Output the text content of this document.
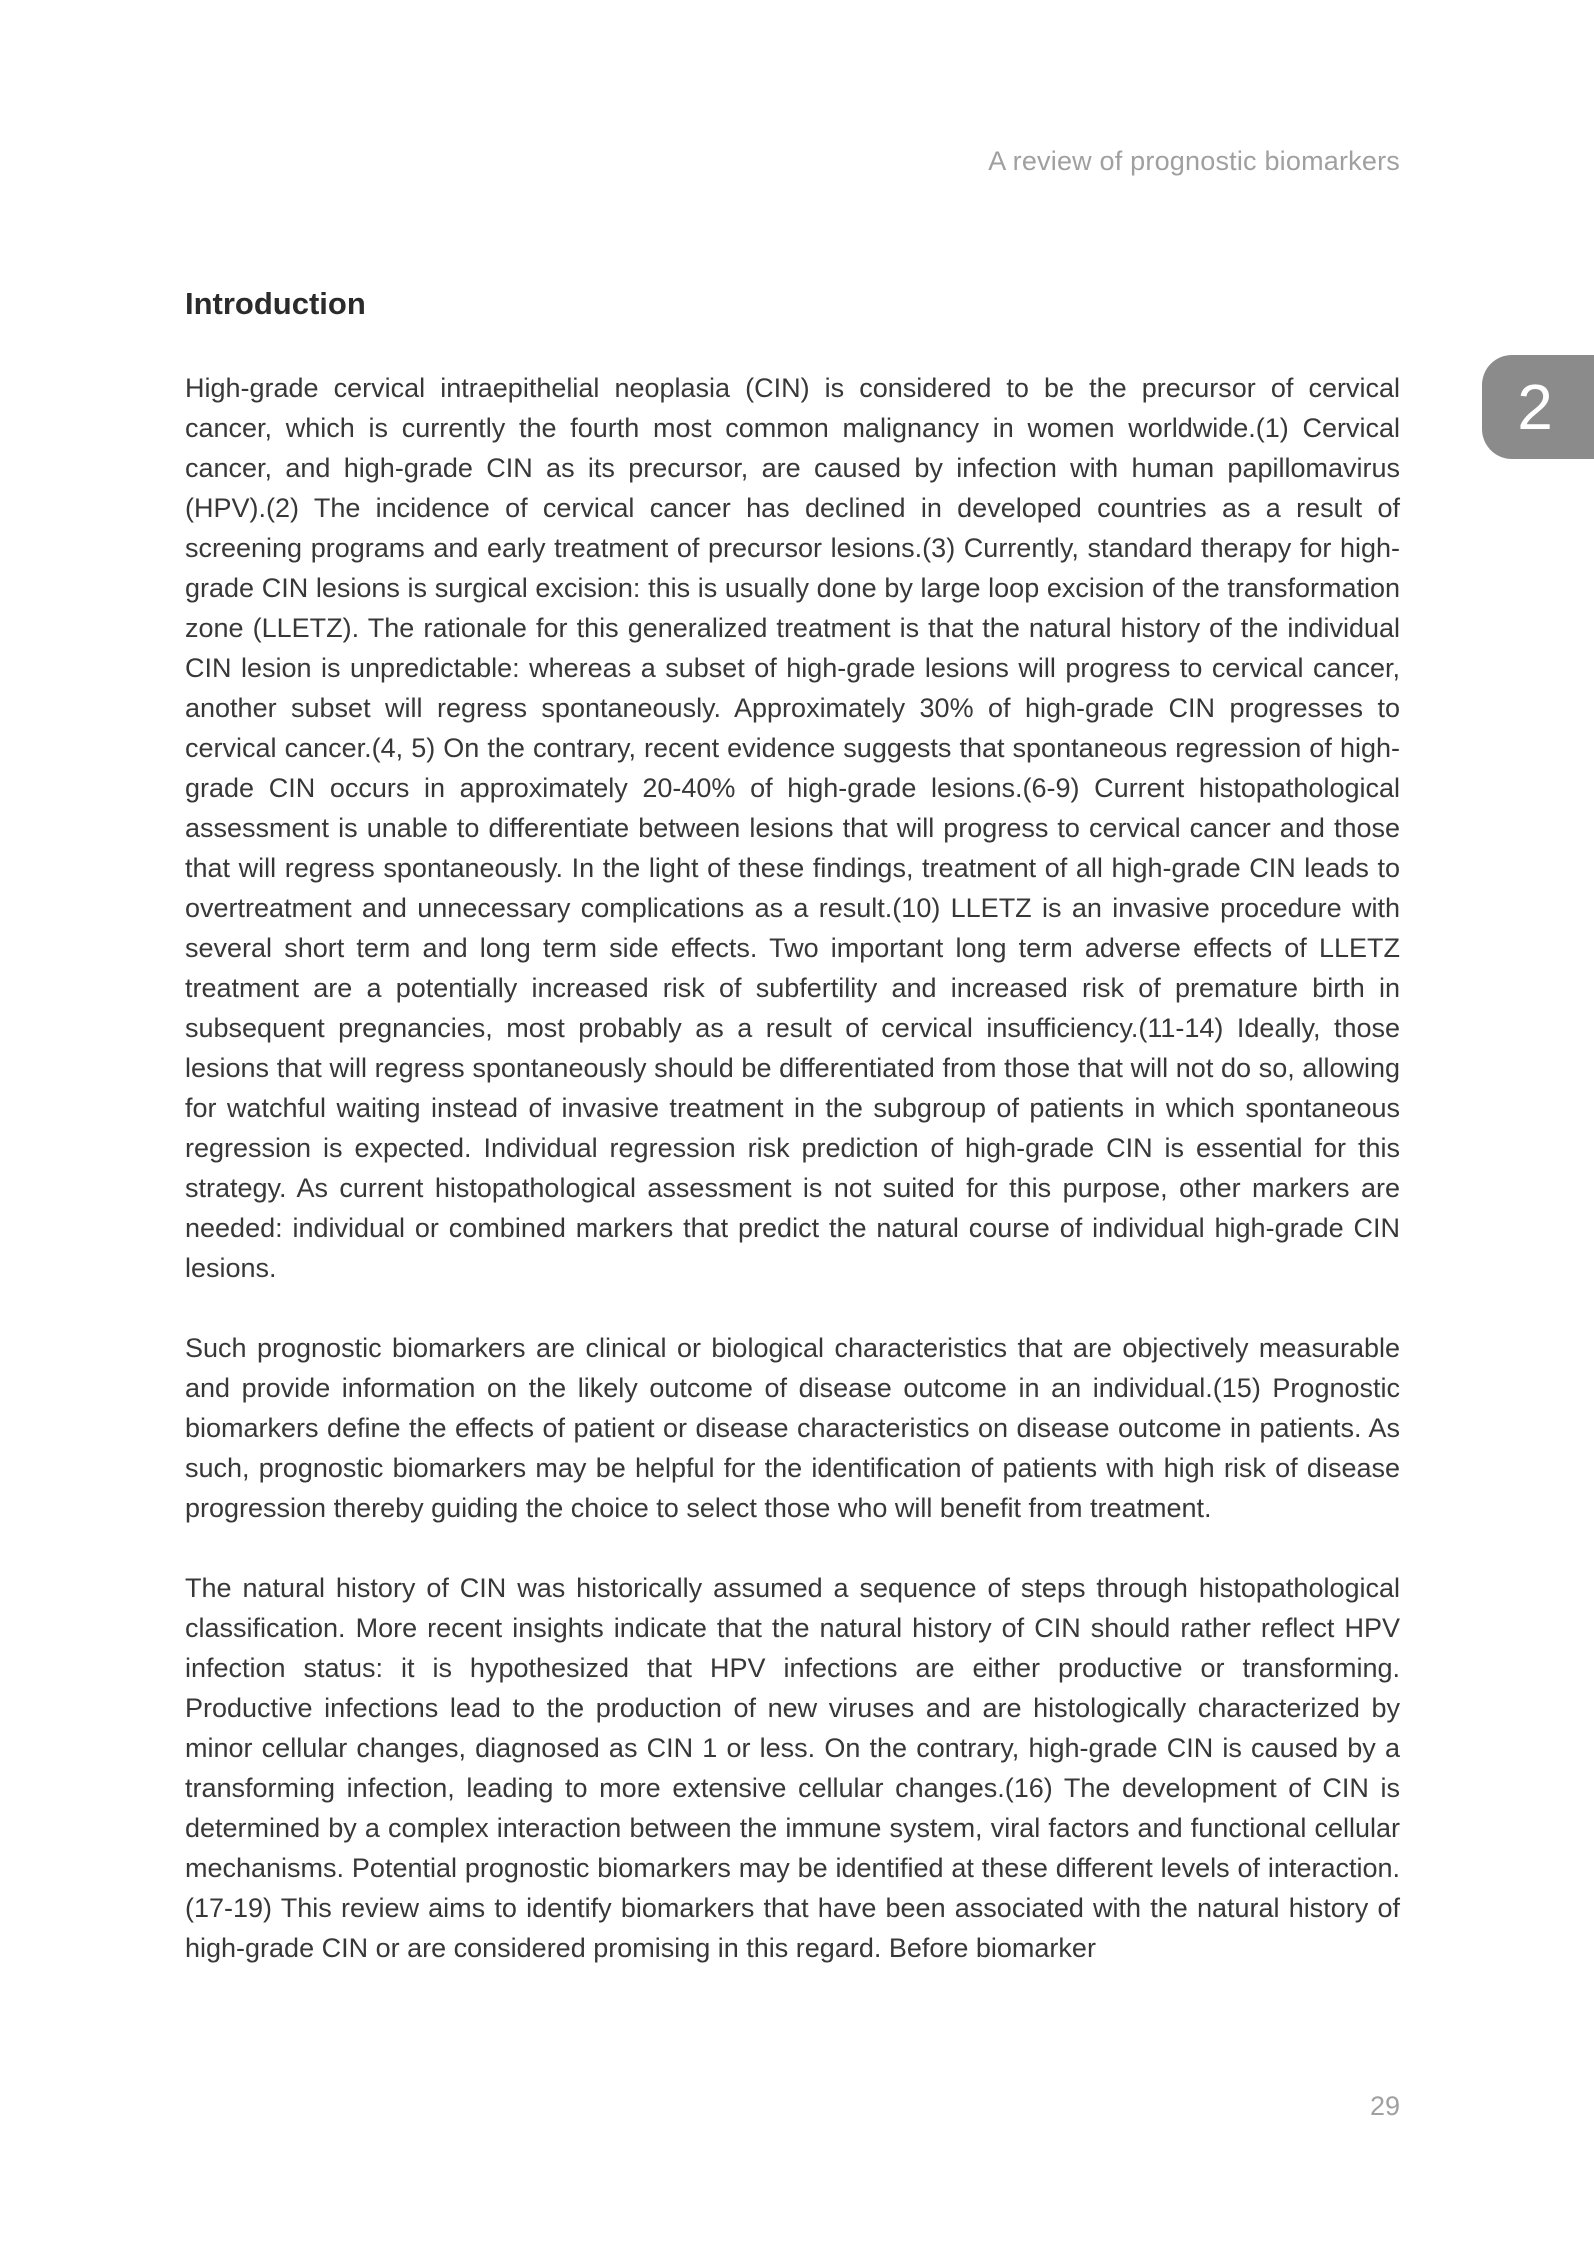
A review of prognostic biomarkers
2
Introduction

High-grade cervical intraepithelial neoplasia (CIN) is considered to be the precursor of cervical cancer, which is currently the fourth most common malignancy in women worldwide.(1) Cervical cancer, and high-grade CIN as its precursor, are caused by infection with human papillomavirus (HPV).(2) The incidence of cervical cancer has declined in developed countries as a result of screening programs and early treatment of precursor lesions.(3) Currently, standard therapy for high-grade CIN lesions is surgical excision: this is usually done by large loop excision of the transformation zone (LLETZ). The rationale for this generalized treatment is that the natural history of the individual CIN lesion is unpredictable: whereas a subset of high-grade lesions will progress to cervical cancer, another subset will regress spontaneously. Approximately 30% of high-grade CIN progresses to cervical cancer.(4, 5) On the contrary, recent evidence suggests that spontaneous regression of high-grade CIN occurs in approximately 20-40% of high-grade lesions.(6-9) Current histopathological assessment is unable to differentiate between lesions that will progress to cervical cancer and those that will regress spontaneously. In the light of these findings, treatment of all high-grade CIN leads to overtreatment and unnecessary complications as a result.(10) LLETZ is an invasive procedure with several short term and long term side effects. Two important long term adverse effects of LLETZ treatment are a potentially increased risk of subfertility and increased risk of premature birth in subsequent pregnancies, most probably as a result of cervical insufficiency.(11-14) Ideally, those lesions that will regress spontaneously should be differentiated from those that will not do so, allowing for watchful waiting instead of invasive treatment in the subgroup of patients in which spontaneous regression is expected. Individual regression risk prediction of high-grade CIN is essential for this strategy. As current histopathological assessment is not suited for this purpose, other markers are needed: individual or combined markers that predict the natural course of individual high-grade CIN lesions.

Such prognostic biomarkers are clinical or biological characteristics that are objectively measurable and provide information on the likely outcome of disease outcome in an individual.(15) Prognostic biomarkers define the effects of patient or disease characteristics on disease outcome in patients. As such, prognostic biomarkers may be helpful for the identification of patients with high risk of disease progression thereby guiding the choice to select those who will benefit from treatment.

The natural history of CIN was historically assumed a sequence of steps through histopathological classification. More recent insights indicate that the natural history of CIN should rather reflect HPV infection status: it is hypothesized that HPV infections are either productive or transforming. Productive infections lead to the production of new viruses and are histologically characterized by minor cellular changes, diagnosed as CIN 1 or less. On the contrary, high-grade CIN is caused by a transforming infection, leading to more extensive cellular changes.(16) The development of CIN is determined by a complex interaction between the immune system, viral factors and functional cellular mechanisms. Potential prognostic biomarkers may be identified at these different levels of interaction.(17-19) This review aims to identify biomarkers that have been associated with the natural history of high-grade CIN or are considered promising in this regard. Before biomarker

29
